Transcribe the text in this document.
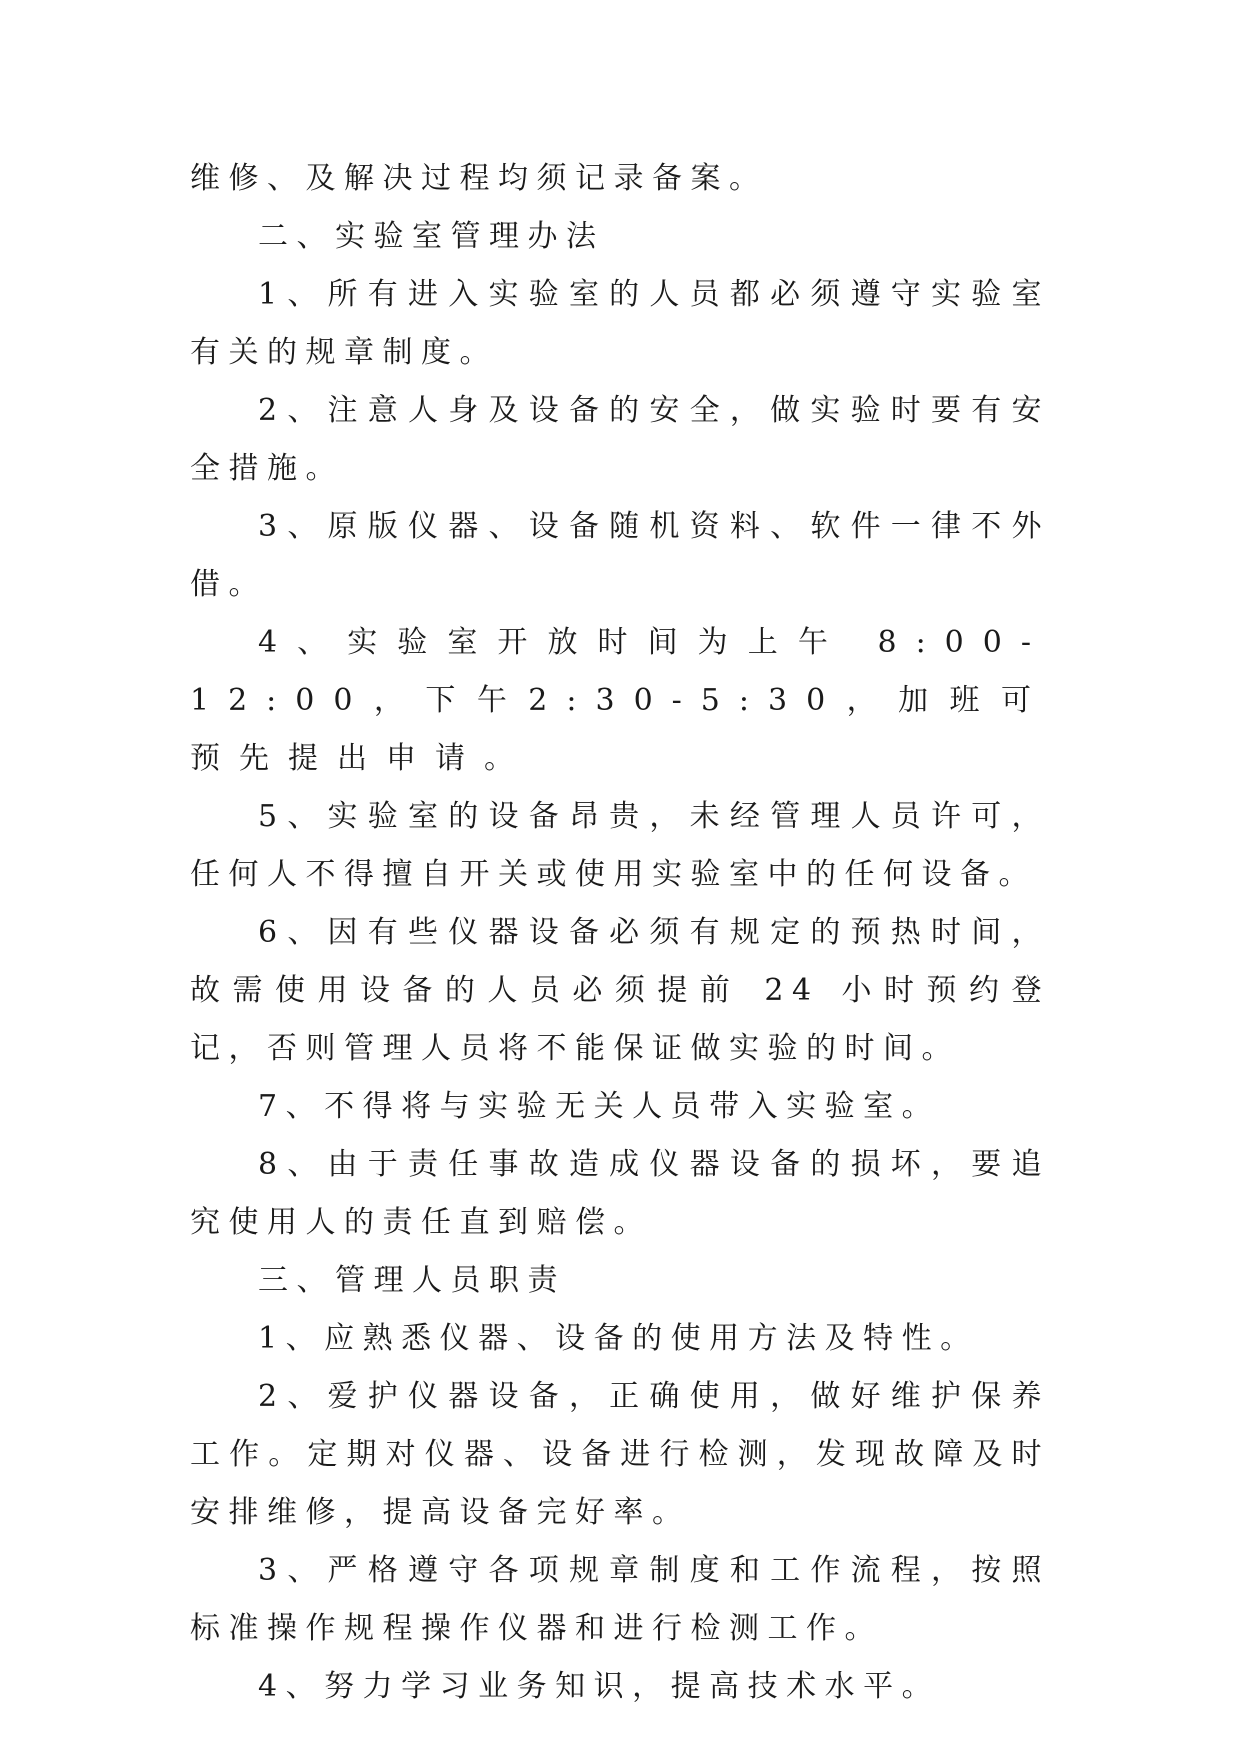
维修、及解决过程均须记录备案。

二、实验室管理办法

1、所有进入实验室的人员都必须遵守实验室有关的规章制度。

2、注意人身及设备的安全，做实验时要有安全措施。

3、原版仪器、设备随机资料、软件一律不外借。

4、实验室开放时间为上午 8:00-12:00，下午2:30-5:30，加班可预先提出申请。

5、实验室的设备昂贵，未经管理人员许可，任何人不得擅自开关或使用实验室中的任何设备。

6、因有些仪器设备必须有规定的预热时间，故需使用设备的人员必须提前 24 小时预约登记，否则管理人员将不能保证做实验的时间。

7、不得将与实验无关人员带入实验室。

8、由于责任事故造成仪器设备的损坏，要追究使用人的责任直到赔偿。

三、管理人员职责

1、应熟悉仪器、设备的使用方法及特性。

2、爱护仪器设备，正确使用，做好维护保养工作。定期对仪器、设备进行检测，发现故障及时安排维修，提高设备完好率。

3、严格遵守各项规章制度和工作流程，按照标准操作规程操作仪器和进行检测工作。

4、努力学习业务知识，提高技术水平。
